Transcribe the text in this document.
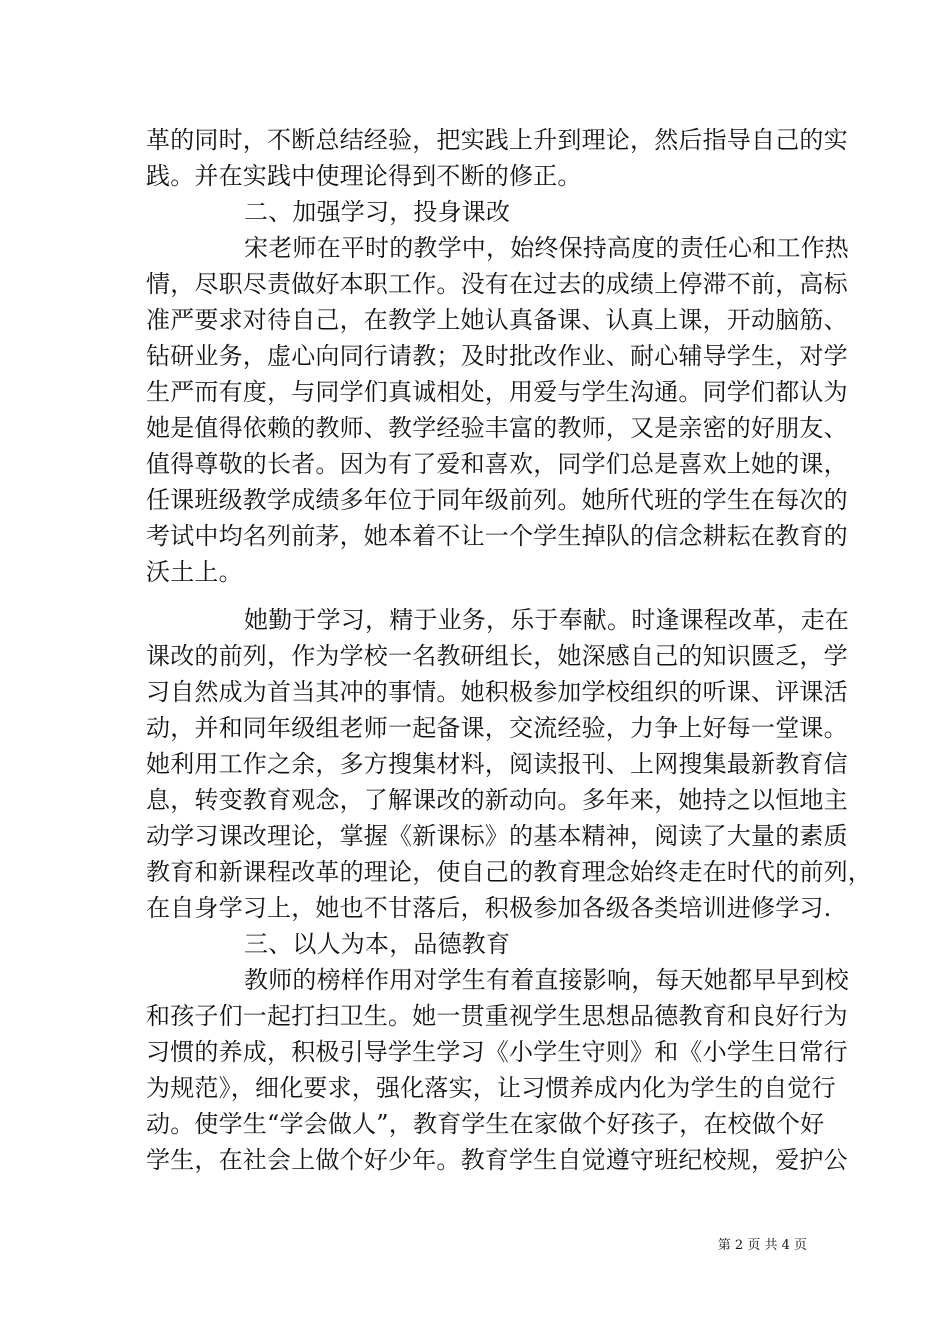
革的同时，不断总结经验，把实践上升到理论，然后指导自己的实
践。并在实践中使理论得到不断的修正。
二、加强学习，投身课改
宋老师在平时的教学中，始终保持高度的责任心和工作热
情，尽职尽责做好本职工作。没有在过去的成绩上停滞不前，高标
准严要求对待自己，在教学上她认真备课、认真上课，开动脑筋、
钻研业务，虚心向同行请教；及时批改作业、耐心辅导学生，对学
生严而有度，与同学们真诚相处，用爱与学生沟通。同学们都认为
她是值得依赖的教师、教学经验丰富的教师，又是亲密的好朋友、
值得尊敬的长者。因为有了爱和喜欢，同学们总是喜欢上她的课，
任课班级教学成绩多年位于同年级前列。她所代班的学生在每次的
考试中均名列前茅，她本着不让一个学生掉队的信念耕耘在教育的
沃土上。
她勤于学习，精于业务，乐于奉献。时逢课程改革，走在
课改的前列，作为学校一名教研组长，她深感自己的知识匮乏，学
习自然成为首当其冲的事情。她积极参加学校组织的听课、评课活
动，并和同年级组老师一起备课，交流经验，力争上好每一堂课。
她利用工作之余，多方搜集材料，阅读报刊、上网搜集最新教育信
息，转变教育观念，了解课改的新动向。多年来，她持之以恒地主
动学习课改理论，掌握《新课标》的基本精神，阅读了大量的素质
教育和新课程改革的理论，使自己的教育理念始终走在时代的前列，
在自身学习上，她也不甘落后，积极参加各级各类培训进修学习.
三、以人为本，品德教育
教师的榜样作用对学生有着直接影响，每天她都早早到校
和孩子们一起打扫卫生。她一贯重视学生思想品德教育和良好行为
习惯的养成，积极引导学生学习《小学生守则》和《小学生日常行
为规范》，细化要求，强化落实，让习惯养成内化为学生的自觉行
动。使学生“学会做人”，教育学生在家做个好孩子，在校做个好
学生，在社会上做个好少年。教育学生自觉遵守班纪校规，爱护公
第 2 页 共 4 页
